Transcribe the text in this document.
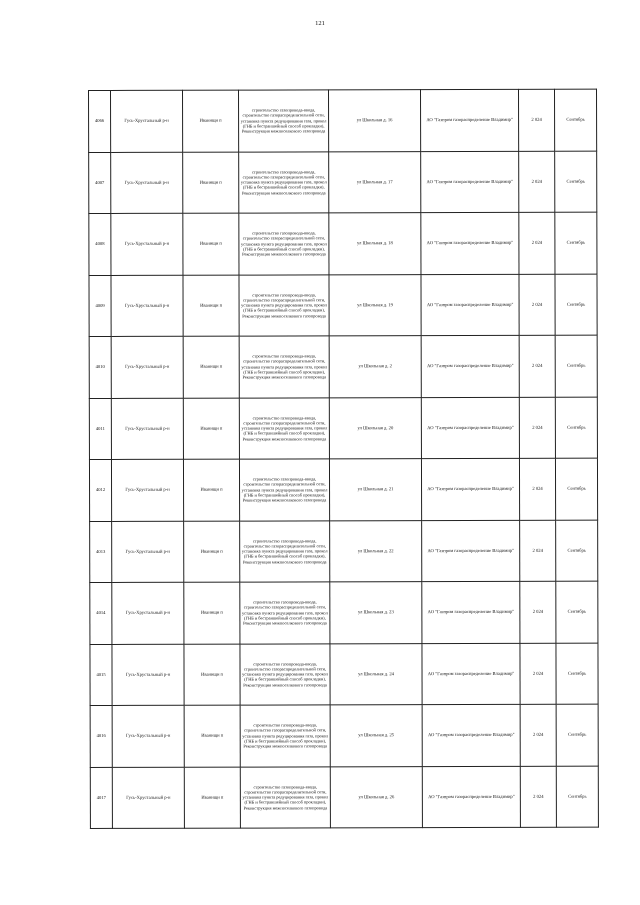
121
4066	Гусь-Хрустальный р-н	Иванищи п	строительство газопровода-ввода, строительство газораспределительной сети, установка пункта редуцирования газа, прокол (ГНБ и бестраншейный способ прокладки), Реконструкция межпоселкового газопровода	ул Школьная д. 16	АО "Газпром газораспределение Владимир"	2 024	Сентябрь
4007	Гусь-Хрустальный р-н	Иванищи п	строительство газопровода-ввода, строительство газораспределительной сети, установка пункта редуцирования газа, прокол (ГНБ и бестраншейный способ прокладки), Реконструкция межпоселкового газопровода	ул Школьная д. 17	АО "Газпром газораспределение Владимир"	2 024	Сентябрь
4008	Гусь-Хрустальный р-н	Иванищи п	строительство газопровода-ввода, строительство газораспределительной сети, установка пункта редуцирования газа, прокол (ГНБ и бестраншейный способ прокладки), Реконструкция межпоселкового газопровода	ул Школьная д. 18	АО "Газпром газораспределение Владимир"	2 024	Сентябрь
4009	Гусь-Хрустальный р-н	Иванищи п	строительство газопровода-ввода, строительство газораспределительной сети, установка пункта редуцирования газа, прокол (ГНБ и бестраншейный способ прокладки), Реконструкция межпоселкового газопровода	ул Школьная д. 19	АО "Газпром газораспределение Владимир"	2 024	Сентябрь
4010	Гусь-Хрустальный р-н	Иванищи п	строительство газопровода-ввода, строительство газораспределительной сети, установка пункта редуцирования газа, прокол (ГНБ и бестраншейный способ прокладки), Реконструкция межпоселкового газопровода	ул Школьная д. 2	АО "Газпром газораспределение Владимир"	2 024	Сентябрь
4011	Гусь-Хрустальный р-н	Иванищи п	строительство газопровода-ввода, строительство газораспределительной сети, установка пункта редуцирования газа, прокол (ГНБ и бестраншейный способ прокладки), Реконструкция межпоселкового газопровода	ул Школьная д. 20	АО "Газпром газораспределение Владимир"	2 024	Сентябрь
4012	Гусь-Хрустальный р-н	Иванищи п	строительство газопровода-ввода, строительство газораспределительной сети, установка пункта редуцирования газа, прокол (ГНБ и бестраншейный способ прокладки), Реконструкция межпоселкового газопровода	ул Школьная д. 21	АО "Газпром газораспределение Владимир"	2 024	Сентябрь
4013	Гусь-Хрустальный р-н	Иванищи п	строительство газопровода-ввода, строительство газораспределительной сети, установка пункта редуцирования газа, прокол (ГНБ и бестраншейный способ прокладки), Реконструкция межпоселкового газопровода	ул Школьная д. 22	АО "Газпром газораспределение Владимир"	2 024	Сентябрь
4014	Гусь-Хрустальный р-н	Иванищи п	строительство газопровода-ввода, строительство газораспределительной сети, установка пункта редуцирования газа, прокол (ГНБ и бестраншейный способ прокладки), Реконструкция межпоселкового газопровода	ул Школьная д. 23	АО "Газпром газораспределение Владимир"	2 024	Сентябрь
4015	Гусь-Хрустальный р-н	Иванищи п	строительство газопровода-ввода, строительство газораспределительной сети, установка пункта редуцирования газа, прокол (ГНБ и бестраншейный способ прокладки), Реконструкция межпоселкового газопровода	ул Школьная д. 24	АО "Газпром газораспределение Владимир"	2 024	Сентябрь
4016	Гусь-Хрустальный р-н	Иванищи п	строительство газопровода-ввода, строительство газораспределительной сети, установка пункта редуцирования газа, прокол (ГНБ и бестраншейный способ прокладки), Реконструкция межпоселкового газопровода	ул Школьная д. 25	АО "Газпром газораспределение Владимир"	2 024	Сентябрь
4017	Гусь-Хрустальный р-н	Иванищи п	строительство газопровода-ввода, строительство газораспределительной сети, установка пункта редуцирования газа, прокол (ГНБ и бестраншейный способ прокладки), Реконструкция межпоселкового газопровода	ул Школьная д. 26	АО "Газпром газораспределение Владимир"	2 024	Сентябрь
